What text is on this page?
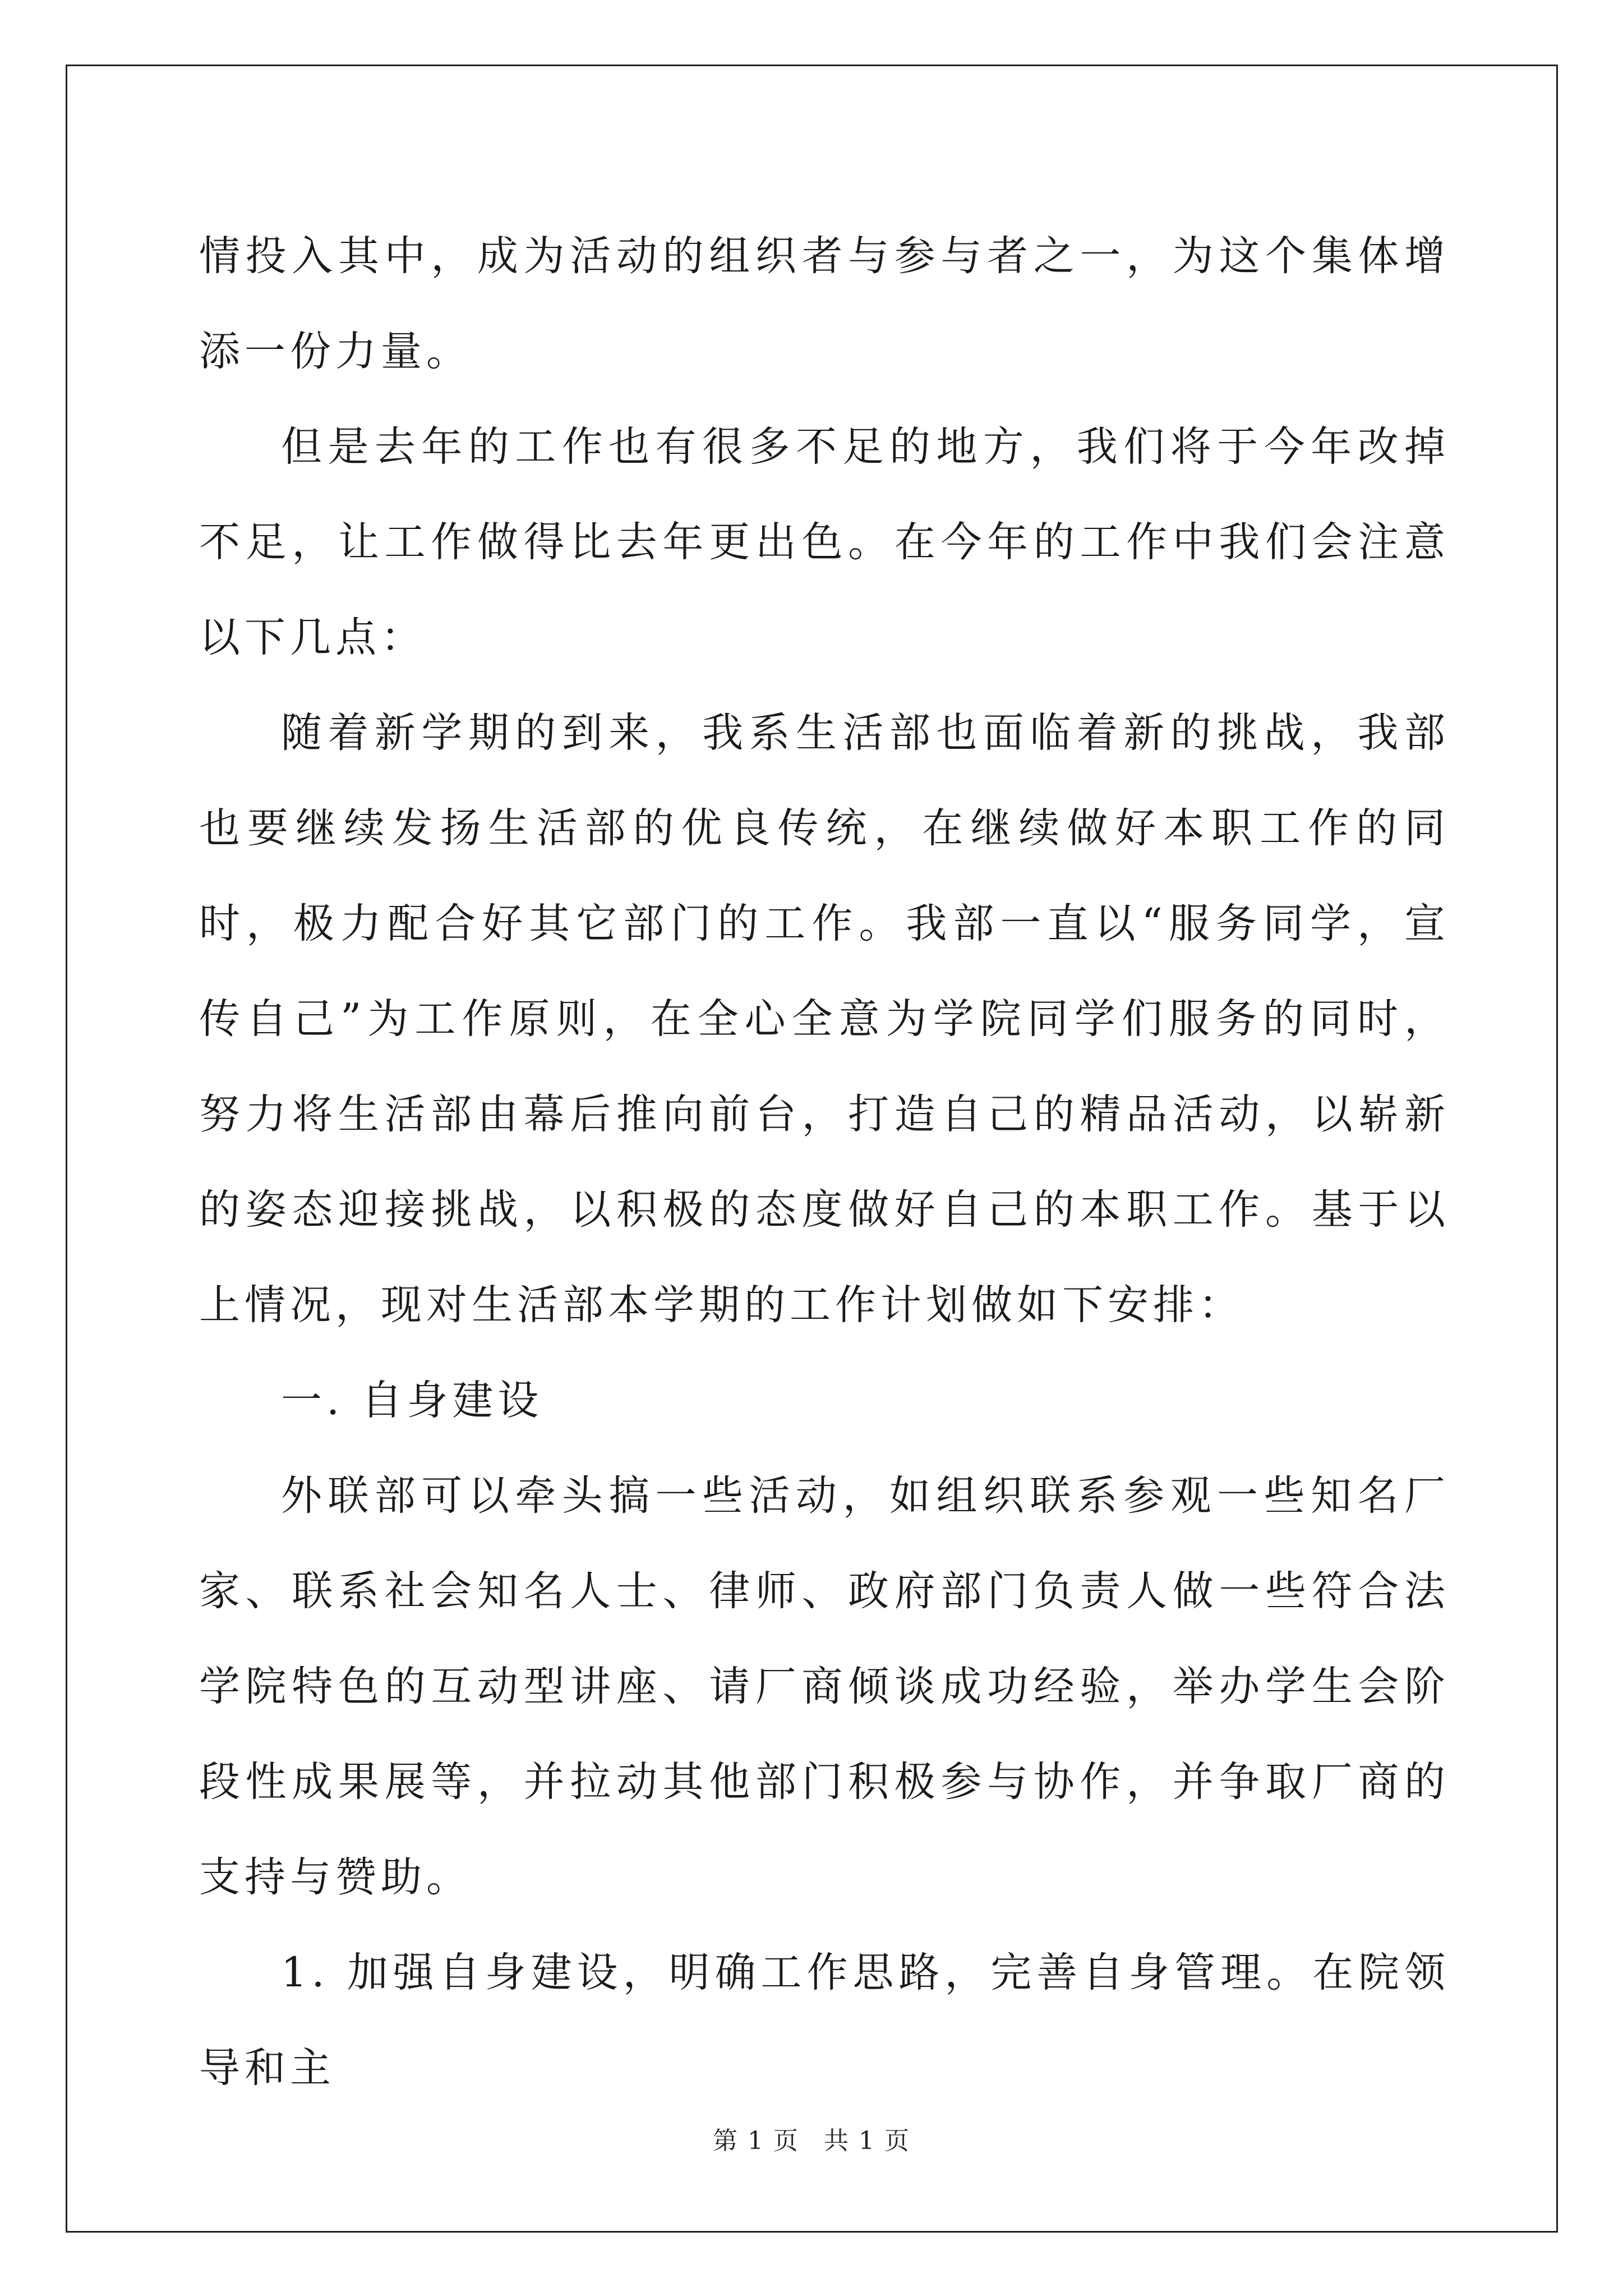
情投入其中，成为活动的组织者与参与者之一，为这个集体增添一份力量。

但是去年的工作也有很多不足的地方，我们将于今年改掉不足，让工作做得比去年更出色。在今年的工作中我们会注意以下几点：

随着新学期的到来，我系生活部也面临着新的挑战，我部也要继续发扬生活部的优良传统，在继续做好本职工作的同时，极力配合好其它部门的工作。我部一直以“服务同学，宣传自己”为工作原则，在全心全意为学院同学们服务的同时，努力将生活部由幕后推向前台，打造自己的精品活动，以崭新的姿态迎接挑战，以积极的态度做好自己的本职工作。基于以上情况，现对生活部本学期的工作计划做如下安排：

一. 自身建设

外联部可以牵头搞一些活动，如组织联系参观一些知名厂家、联系社会知名人士、律师、政府部门负责人做一些符合法学院特色的互动型讲座、请厂商倾谈成功经验，举办学生会阶段性成果展等，并拉动其他部门积极参与协作，并争取厂商的支持与赞助。

1. 加强自身建设，明确工作思路，完善自身管理。在院领导和主

第 1 页 共 1 页
